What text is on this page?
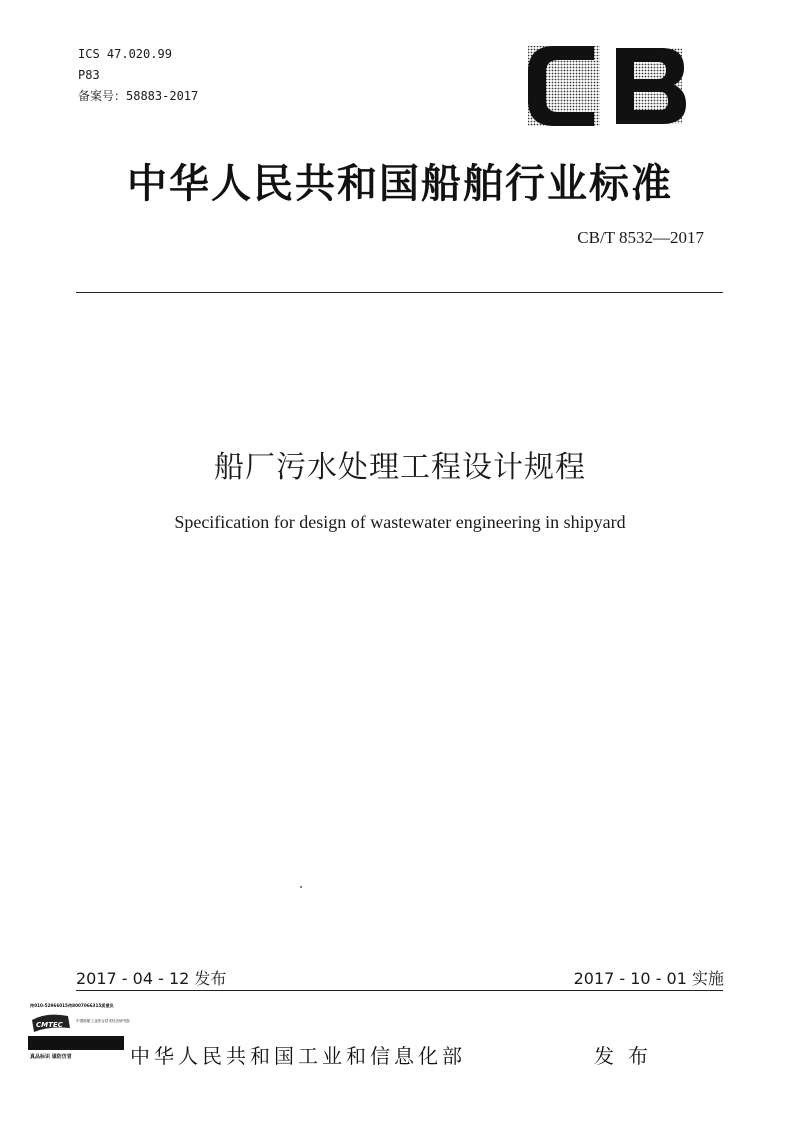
ICS 47.020.99
P83
备案号：58883-2017
CB
中华人民共和国船舶行业标准
CB/T 8532—2017
船厂污水处理工程设计规程
Specification for design of wastewater engineering in shipyard
2017 - 04 - 12 发布	2017 - 10 - 01 实施
传010-52966015传8007066315质意负
CMTEC	中国船舶工业综合技术经济研究院
真品标识 谨防仿冒	中华人民共和国工业和信息化部	发布
